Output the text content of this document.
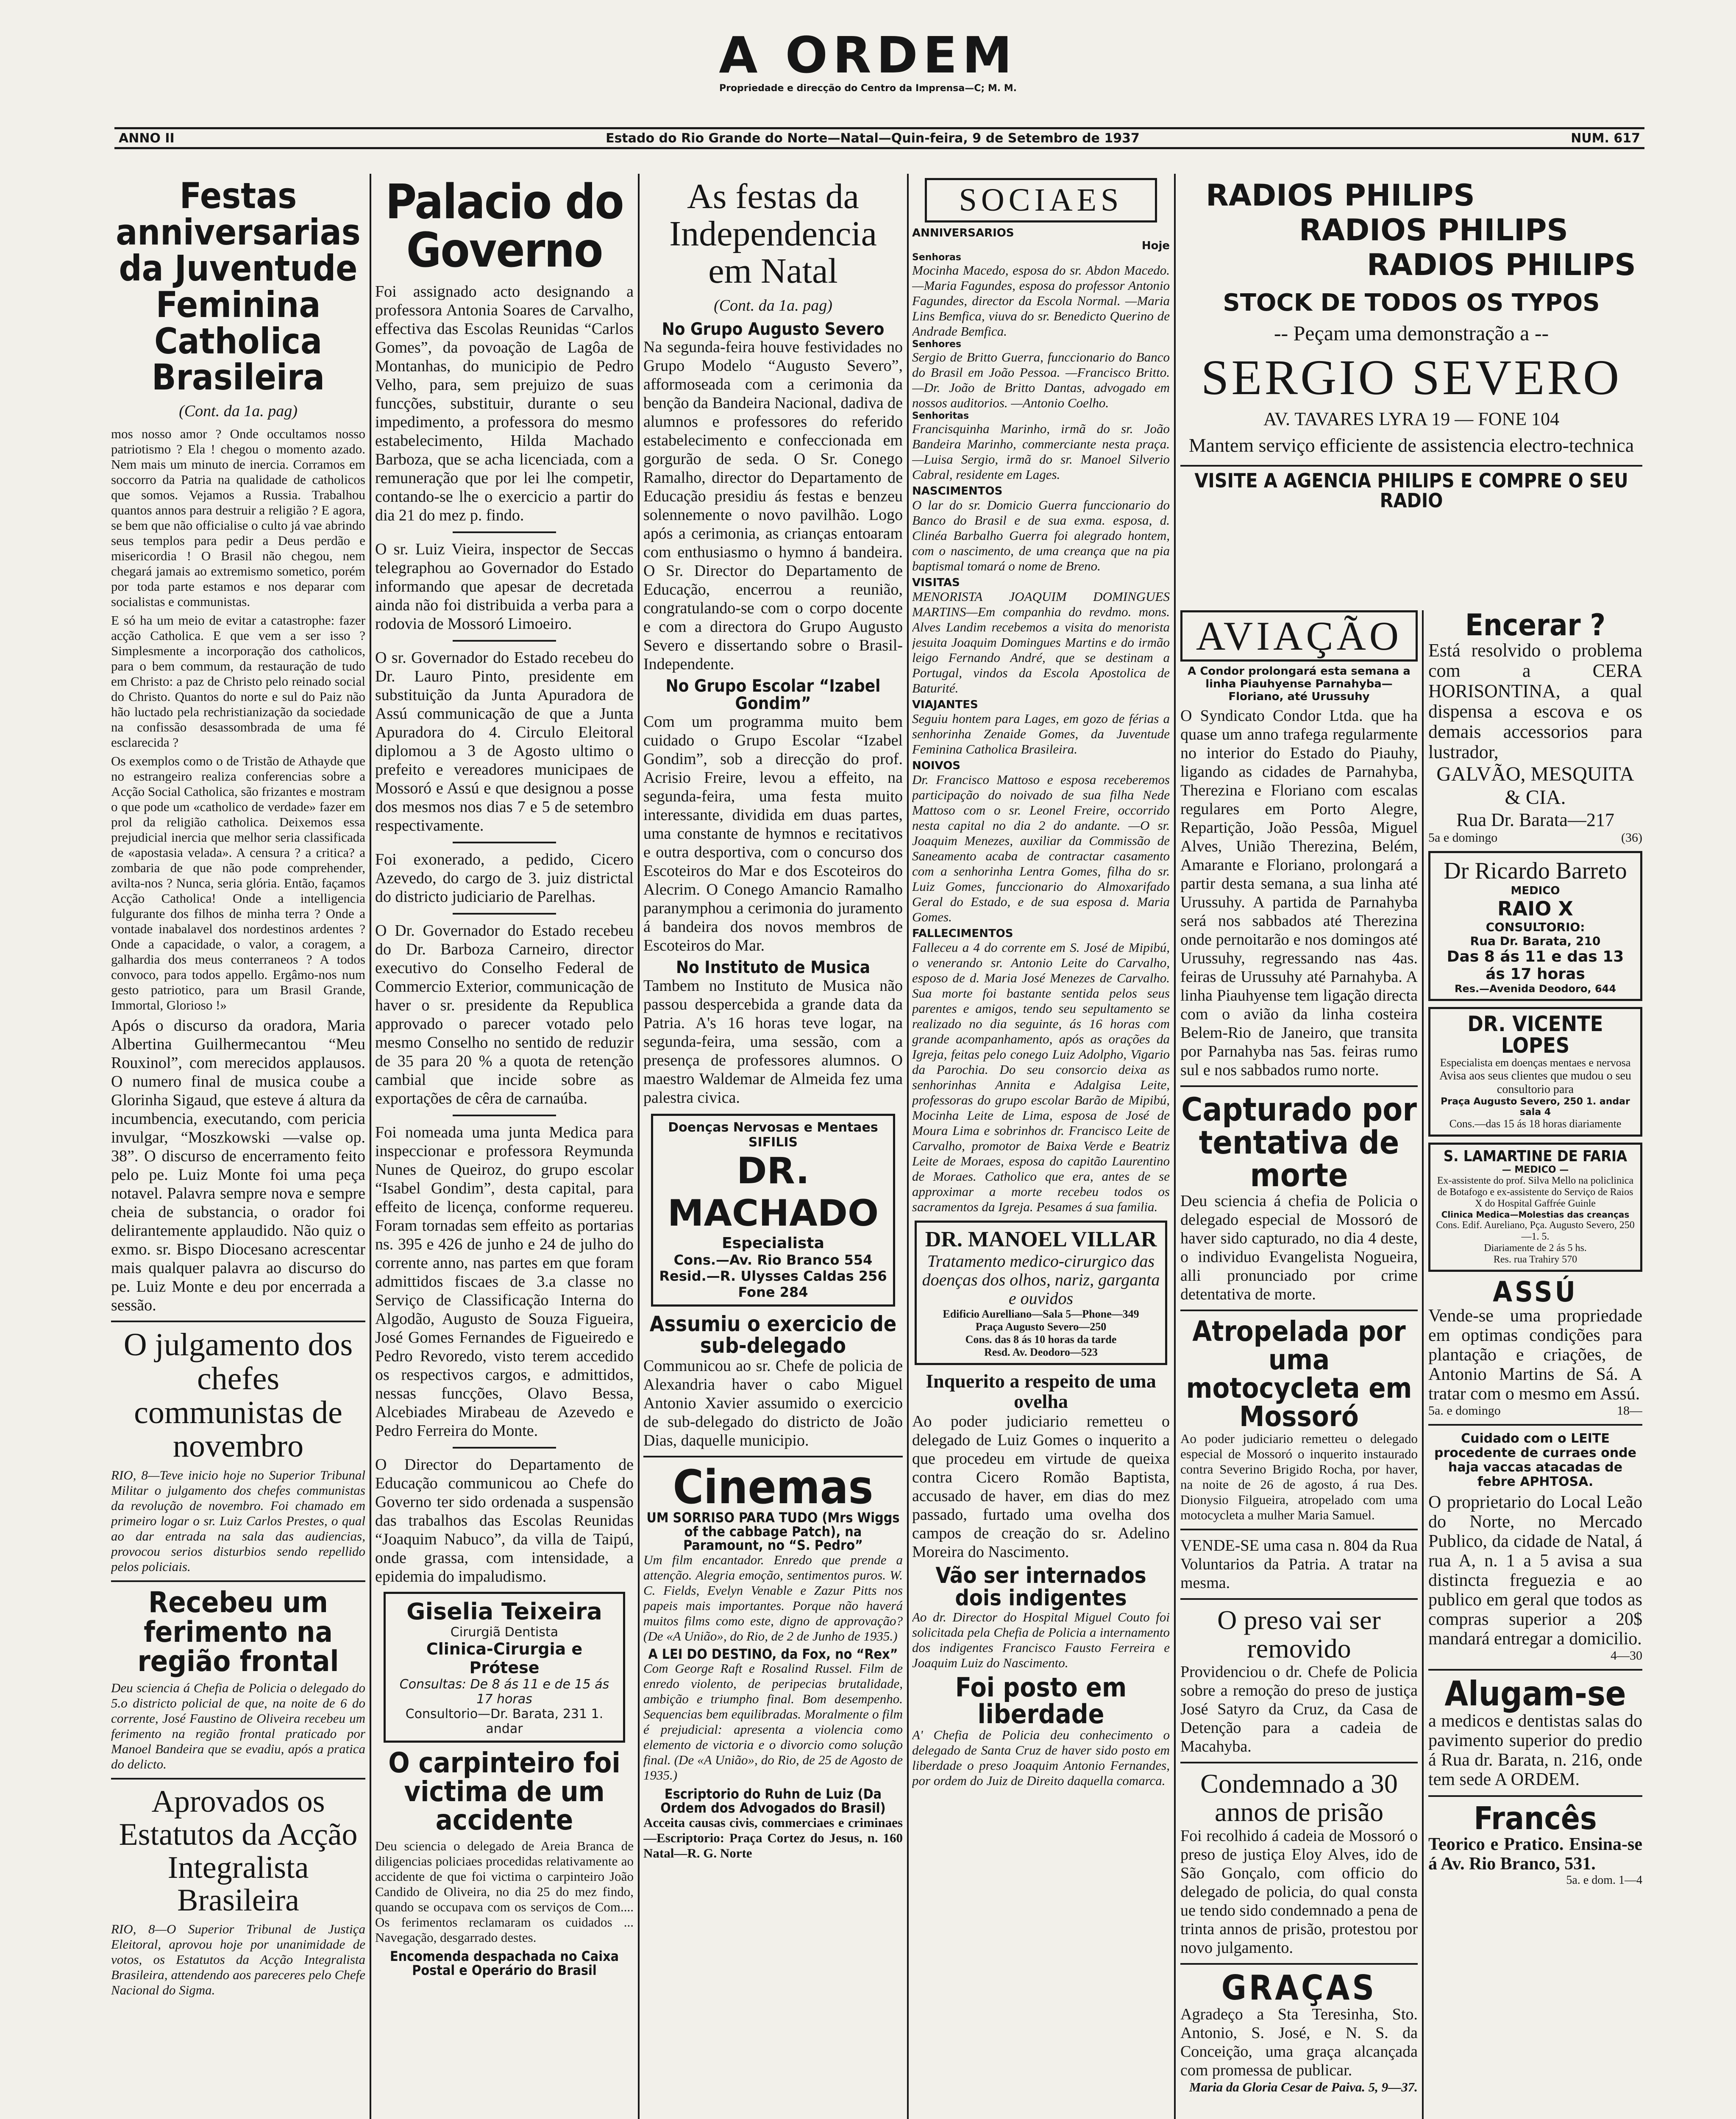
A ORDEM
Propriedade e direcção do Centro da Imprensa—C; M. M.
ANNO II	Estado do Rio Grande do Norte—Natal—Quin-feira, 9 de Setembro de 1937	NUM. 617
Festas anniversarias da Juventude Feminina Catholica Brasileira
(Cont. da 1a. pag)

mos nosso amor ? Onde occultamos nosso patriotismo ? Ela ! chegou o momento azado. Nem mais um minuto de inercia. Corramos em soccorro da Patria na qualidade de catholicos que somos. Vejamos a Russia. Trabalhou quantos annos para destruir a religião ? E agora, se bem que não officialise o culto já vae abrindo seus templos para pedir a Deus perdão e misericordia ! O Brasil não chegou, nem chegará jamais ao extremismo sometico, porém por toda parte estamos e nos deparar com socialistas e communistas.

E só ha um meio de evitar a catastrophe: fazer acção Catholica. E que vem a ser isso ? Simplesmente a incorporação dos catholicos, para o bem commum, da restauração de tudo em Christo: a paz de Christo pelo reinado social do Christo. Quantos do norte e sul do Paiz não hão luctado pela rechristianização da sociedade na confissão desassombrada de uma fé esclarecida ?

Os exemplos como o de Tristão de Athayde que no estrangeiro realiza conferencias sobre a Acção Social Catholica, são frizantes e mostram o que pode um «catholico de verdade» fazer em prol da religião catholica. Deixemos essa prejudicial inercia que melhor seria classificada de «apostasia velada». A censura ? a critica? a zombaria de que não pode comprehender, avilta-nos ? Nunca, seria glória. Então, façamos Acção Catholica! Onde a intelligencia fulgurante dos filhos de minha terra ? Onde a vontade inabalavel dos nordestinos ardentes ? Onde a capacidade, o valor, a coragem, a galhardia dos meus conterraneos ? A todos convoco, para todos appello. Ergâmo-nos num gesto patriotico, para um Brasil Grande, Immortal, Glorioso !»

Após o discurso da oradora, Maria Albertina Guilhermecantou “Meu Rouxinol”, com merecidos applausos. O numero final de musica coube a Glorinha Sigaud, que esteve á altura da incumbencia, executando, com pericia invulgar, “Moszkowski —valse op. 38”. O discurso de encerramento feito pelo pe. Luiz Monte foi uma peça notavel. Palavra sempre nova e sempre cheia de substancia, o orador foi delirantemente applaudido. Não quiz o exmo. sr. Bispo Diocesano acrescentar mais qualquer palavra ao discurso do pe. Luiz Monte e deu por encerrada a sessão.

O julgamento dos chefes communistas de novembro
RIO, 8—Teve inicio hoje no Superior Tribunal Militar o julgamento dos chefes communistas da revolução de novembro. Foi chamado em primeiro logar o sr. Luiz Carlos Prestes, o qual ao dar entrada na sala das audiencias, provocou serios disturbios sendo repellido pelos policiais.
Recebeu um ferimento na região frontal
Deu sciencia á Chefia de Policia o delegado do 5.o districto policial de que, na noite de 6 do corrente, José Faustino de Oliveira recebeu um ferimento na região frontal praticado por Manoel Bandeira que se evadiu, após a pratica do delicto.
Aprovados os Estatutos da Acção Integralista Brasileira
RIO, 8—O Superior Tribunal de Justiça Eleitoral, aprovou hoje por unanimidade de votos, os Estatutos da Acção Integralista Brasileira, attendendo aos pareceres pelo Chefe Nacional do Sigma.
Palacio do Governo

Foi assignado acto designando a professora Antonia Soares de Carvalho, effectiva das Escolas Reunidas “Carlos Gomes”, da povoação de Lagôa de Montanhas, do municipio de Pedro Velho, para, sem prejuizo de suas funcções, substituir, durante o seu impedimento, a professora do mesmo estabelecimento, Hilda Machado Barboza, que se acha licenciada, com a remuneração que por lei lhe competir, contando-se lhe o exercicio a partir do dia 21 do mez p. findo.

O sr. Luiz Vieira, inspector de Seccas telegraphou ao Governador do Estado informando que apesar de decretada ainda não foi distribuida a verba para a rodovia de Mossoró Limoeiro.

O sr. Governador do Estado recebeu do Dr. Lauro Pinto, presidente em substituição da Junta Apuradora de Assú communicação de que a Junta Apuradora do 4. Circulo Eleitoral diplomou a 3 de Agosto ultimo o prefeito e vereadores municipaes de Mossoró e Assú e que designou a posse dos mesmos nos dias 7 e 5 de setembro respectivamente.

Foi exonerado, a pedido, Cicero Azevedo, do cargo de 3. juiz districtal do districto judiciario de Parelhas.

O Dr. Governador do Estado recebeu do Dr. Barboza Carneiro, director executivo do Conselho Federal de Commercio Exterior, communicação de haver o sr. presidente da Republica approvado o parecer votado pelo mesmo Conselho no sentido de reduzir de 35 para 20 % a quota de retenção cambial que incide sobre as exportações de cêra de carnaúba.

Foi nomeada uma junta Medica para inspeccionar e professora Reymunda Nunes de Queiroz, do grupo escolar “Isabel Gondim”, desta capital, para effeito de licença, conforme requereu. Foram tornadas sem effeito as portarias ns. 395 e 426 de junho e 24 de julho do corrente anno, nas partes em que foram admittidos fiscaes de 3.a classe no Serviço de Classificação Interna do Algodão, Augusto de Souza Figueira, José Gomes Fernandes de Figueiredo e Pedro Revoredo, visto terem accedido os respectivos cargos, e admittidos, nessas funcções, Olavo Bessa, Alcebiades Mirabeau de Azevedo e Pedro Ferreira do Monte.

O Director do Departamento de Educação communicou ao Chefe do Governo ter sido ordenada a suspensão das trabalhos das Escolas Reunidas “Joaquim Nabuco”, da villa de Taipú, onde grassa, com intensidade, a epidemia do impaludismo.

Giselia Teixeira
Cirurgiã Dentista
Clinica-Cirurgia e Prótese
Consultas: De 8 ás 11 e de 15 ás 17 horas
Consultorio—Dr. Barata, 231 1. andar
O carpinteiro foi victima de um accidente
Deu sciencia o delegado de Areia Branca de diligencias policiaes procedidas relativamente ao accidente de que foi victima o carpinteiro João Candido de Oliveira, no dia 25 do mez findo, quando se occupava com os serviços de Com.... Os ferimentos reclamaram os cuidados ... Navegação, desgarrado destes.
Encomenda despachada no Caixa Postal e Operário do Brasil
As festas da Independencia em Natal
(Cont. da 1a. pag)
No Grupo Augusto Severo
Na segunda-feira houve festividades no Grupo Modelo “Augusto Severo”, afformoseada com a cerimonia da benção da Bandeira Nacional, dadiva de alumnos e professores do referido estabelecimento e confeccionada em gorgurão de seda. O Sr. Conego Ramalho, director do Departamento de Educação presidiu ás festas e benzeu solennemente o novo pavilhão. Logo após a cerimonia, as crianças entoaram com enthusiasmo o hymno á bandeira. O Sr. Director do Departamento de Educação, encerrou a reunião, congratulando-se com o corpo docente e com a directora do Grupo Augusto Severo e dissertando sobre o Brasil-Independente.
No Grupo Escolar “Izabel Gondim”
Com um programma muito bem cuidado o Grupo Escolar “Izabel Gondim”, sob a direcção do prof. Acrisio Freire, levou a effeito, na segunda-feira, uma festa muito interessante, dividida em duas partes, uma constante de hymnos e recitativos e outra desportiva, com o concurso dos Escoteiros do Mar e dos Escoteiros do Alecrim. O Conego Amancio Ramalho paranymphou a cerimonia do juramento á bandeira dos novos membros de Escoteiros do Mar.
No Instituto de Musica
Tambem no Instituto de Musica não passou despercebida a grande data da Patria. A's 16 horas teve logar, na segunda-feira, uma sessão, com a presença de professores alumnos. O maestro Waldemar de Almeida fez uma palestra civica.
Doenças Nervosas e Mentaes SIFILIS
DR. MACHADO
Especialista
Cons.—Av. Rio Branco 554
Resid.—R. Ulysses Caldas 256
Fone 284
Assumiu o exercicio de sub-delegado
Communicou ao sr. Chefe de policia de Alexandria haver o cabo Miguel Antonio Xavier assumido o exercicio de sub-delegado do districto de João Dias, daquelle municipio.
Cinemas
UM SORRISO PARA TUDO (Mrs Wiggs of the cabbage Patch), na Paramount, no “S. Pedro”
Um film encantador. Enredo que prende a attenção. Alegria emoção, sentimentos puros. W. C. Fields, Evelyn Venable e Zazur Pitts nos papeis mais importantes. Porque não haverá muitos films como este, digno de approvação? (De «A União», do Rio, de 2 de Junho de 1935.)
A LEI DO DESTINO, da Fox, no “Rex”
Com George Raft e Rosalind Russel. Film de enredo violento, de peripecias brutalidade, ambição e triumpho final. Bom desempenho. Sequencias bem equilibradas. Moralmente o film é prejudicial: apresenta a violencia como elemento de victoria e o divorcio como solução final. (De «A União», do Rio, de 25 de Agosto de 1935.)
Escriptorio do Ruhn de Luiz (Da Ordem dos Advogados do Brasil)
Acceita causas civis, commerciaes e criminaes—Escriptorio: Praça Cortez do Jesus, n. 160 Natal—R. G. Norte
SOCIAES
ANNIVERSARIOS
Hoje
Senhoras
Mocinha Macedo, esposa do sr. Abdon Macedo. —Maria Fagundes, esposa do professor Antonio Fagundes, director da Escola Normal. —Maria Lins Bemfica, viuva do sr. Benedicto Querino de Andrade Bemfica.
Senhores
Sergio de Britto Guerra, funccionario do Banco do Brasil em João Pessoa. —Francisco Britto. —Dr. João de Britto Dantas, advogado em nossos auditorios. —Antonio Coelho.
Senhoritas
Francisquinha Marinho, irmã do sr. João Bandeira Marinho, commerciante nesta praça. —Luisa Sergio, irmã do sr. Manoel Silverio Cabral, residente em Lages.
NASCIMENTOS
O lar do sr. Domicio Guerra funccionario do Banco do Brasil e de sua exma. esposa, d. Clinéa Barbalho Guerra foi alegrado hontem, com o nascimento, de uma creança que na pia baptismal tomará o nome de Breno.
VISITAS
MENORISTA JOAQUIM DOMINGUES MARTINS—Em companhia do revdmo. mons. Alves Landim recebemos a visita do menorista jesuita Joaquim Domingues Martins e do irmão leigo Fernando André, que se destinam a Portugal, vindos da Escola Apostolica de Baturité.
VIAJANTES
Seguiu hontem para Lages, em gozo de férias a senhorinha Zenaide Gomes, da Juventude Feminina Catholica Brasileira.
NOIVOS
Dr. Francisco Mattoso e esposa receberemos participação do noivado de sua filha Nede Mattoso com o sr. Leonel Freire, occorrido nesta capital no dia 2 do andante. —O sr. Joaquim Menezes, auxiliar da Commissão de Saneamento acaba de contractar casamento com a senhorinha Lentra Gomes, filha do sr. Luiz Gomes, funccionario do Almoxarifado Geral do Estado, e de sua esposa d. Maria Gomes.
FALLECIMENTOS
Falleceu a 4 do corrente em S. José de Mipibú, o venerando sr. Antonio Leite do Carvalho, esposo de d. Maria José Menezes de Carvalho. Sua morte foi bastante sentida pelos seus parentes e amigos, tendo seu sepultamento se realizado no dia seguinte, ás 16 horas com grande acompanhamento, após as orações da Igreja, feitas pelo conego Luiz Adolpho, Vigario da Parochia. Do seu consorcio deixa as senhorinhas Annita e Adalgisa Leite, professoras do grupo escolar Barão de Mipibú, Mocinha Leite de Lima, esposa de José de Moura Lima e sobrinhos dr. Francisco Leite de Carvalho, promotor de Baixa Verde e Beatriz Leite de Moraes, esposa do capitão Laurentino de Moraes. Catholico que era, antes de se approximar a morte recebeu todos os sacramentos da Igreja. Pesames á sua familia.
DR. MANOEL VILLAR
Tratamento medico-cirurgico das doenças dos olhos, nariz, garganta e ouvidos
Edificio Aurelliano—Sala 5—Phone—349
Praça Augusto Severo—250
Cons. das 8 ás 10 horas da tarde
Resd. Av. Deodoro—523
Inquerito a respeito de uma ovelha
Ao poder judiciario remetteu o delegado de Luiz Gomes o inquerito a que procedeu em virtude de queixa contra Cicero Romão Baptista, accusado de haver, em dias do mez passado, furtado uma ovelha dos campos de creação do sr. Adelino Moreira do Nascimento.
Vão ser internados dois indigentes
Ao dr. Director do Hospital Miguel Couto foi solicitada pela Chefia de Policia a internamento dos indigentes Francisco Fausto Ferreira e Joaquim Luiz do Nascimento.
Foi posto em liberdade
A' Chefia de Policia deu conhecimento o delegado de Santa Cruz de haver sido posto em liberdade o preso Joaquim Antonio Fernandes, por ordem do Juiz de Direito daquella comarca.
RADIOS PHILIPS
RADIOS PHILIPS
RADIOS PHILIPS
STOCK DE TODOS OS TYPOS
-- Peçam uma demonstração a --
SERGIO SEVERO
AV. TAVARES LYRA 19 — FONE 104
Mantem serviço efficiente de assistencia electro-technica
VISITE A AGENCIA PHILIPS E COMPRE O SEU RADIO
AVIAÇÃO
A Condor prolongará esta semana a linha Piauhyense Parnahyba—Floriano, até Urussuhy
O Syndicato Condor Ltda. que ha quase um anno trafega regularmente no interior do Estado do Piauhy, ligando as cidades de Parnahyba, Therezina e Floriano com escalas regulares em Porto Alegre, Repartição, João Pessôa, Miguel Alves, União Therezina, Belém, Amarante e Floriano, prolongará a partir desta semana, a sua linha até Urussuhy. A partida de Parnahyba será nos sabbados até Therezina onde pernoitarão e nos domingos até Urussuhy, regressando nas 4as. feiras de Urussuhy até Parnahyba. A linha Piauhyense tem ligação directa com o avião da linha costeira Belem-Rio de Janeiro, que transita por Parnahyba nas 5as. feiras rumo sul e nos sabbados rumo norte.
Capturado por tentativa de morte
Deu sciencia á chefia de Policia o delegado especial de Mossoró de haver sido capturado, no dia 4 deste, o individuo Evangelista Nogueira, alli pronunciado por crime detentativa de morte.
Atropelada por uma motocycleta em Mossoró
Ao poder judiciario remetteu o delegado especial de Mossoró o inquerito instaurado contra Severino Brigido Rocha, por haver, na noite de 26 de agosto, á rua Des. Dionysio Filgueira, atropelado com uma motocycleta a mulher Maria Samuel.
VENDE-SE uma casa n. 804 da Rua Voluntarios da Patria. A tratar na mesma.
O preso vai ser removido
Providenciou o dr. Chefe de Policia sobre a remoção do preso de justiça José Satyro da Cruz, da Casa de Detenção para a cadeia de Macahyba.
Condemnado a 30 annos de prisão
Foi recolhido á cadeia de Mossoró o preso de justiça Eloy Alves, ido de São Gonçalo, com officio do delegado de policia, do qual consta ue tendo sido condemnado a pena de trinta annos de prisão, protestou por novo julgamento.
GRAÇAS
Agradeço a Sta Teresinha, Sto. Antonio, S. José, e N. S. da Conceição, uma graça alcançada com promessa de publicar.
Maria da Gloria Cesar de Paiva. 5, 9—37.
Encerar ?
Está resolvido o problema com a CERA HORISONTINA, a qual dispensa a escova e os demais accessorios para lustrador,
GALVÃO, MESQUITA & CIA.
Rua Dr. Barata—217
5a e domingo	(36)
Dr Ricardo Barreto
MEDICO
RAIO X
CONSULTORIO:
Rua Dr. Barata, 210
Das 8 ás 11 e das 13 ás 17 horas
Res.—Avenida Deodoro, 644
DR. VICENTE LOPES
Especialista em doenças mentaes e nervosa
Avisa aos seus clientes que mudou o seu consultorio para
Praça Augusto Severo, 250 1. andar sala 4
Cons.—das 15 ás 18 horas diariamente
S. LAMARTINE DE FARIA
— MEDICO —
Ex-assistente do prof. Silva Mello na policlinica de Botafogo e ex-assistente do Serviço de Raios X do Hospital Gaffrée Guinle
Clinica Medica—Molestias das creanças
Cons. Edif. Aureliano, Pça. Augusto Severo, 250—1. 5.
Diariamente de 2 ás 5 hs.
Res. rua Trahiry 570
ASSÚ
Vende-se uma propriedade em optimas condições para plantação e criações, de Antonio Martins de Sá. A tratar com o mesmo em Assú.
5a. e domingo	18—
Cuidado com o LEITE procedente de curraes onde haja vaccas atacadas de febre APHTOSA.
O proprietario do Local Leão do Norte, no Mercado Publico, da cidade de Natal, á rua A, n. 1 a 5 avisa a sua distincta freguezia e ao publico em geral que todos as compras superior a 20$ mandará entregar a domicilio.
4—30
Alugam-se
a medicos e dentistas salas do pavimento superior do predio á Rua dr. Barata, n. 216, onde tem sede A ORDEM.
Francês
Teorico e Pratico. Ensina-se á Av. Rio Branco, 531.
5a. e dom. 1—4
